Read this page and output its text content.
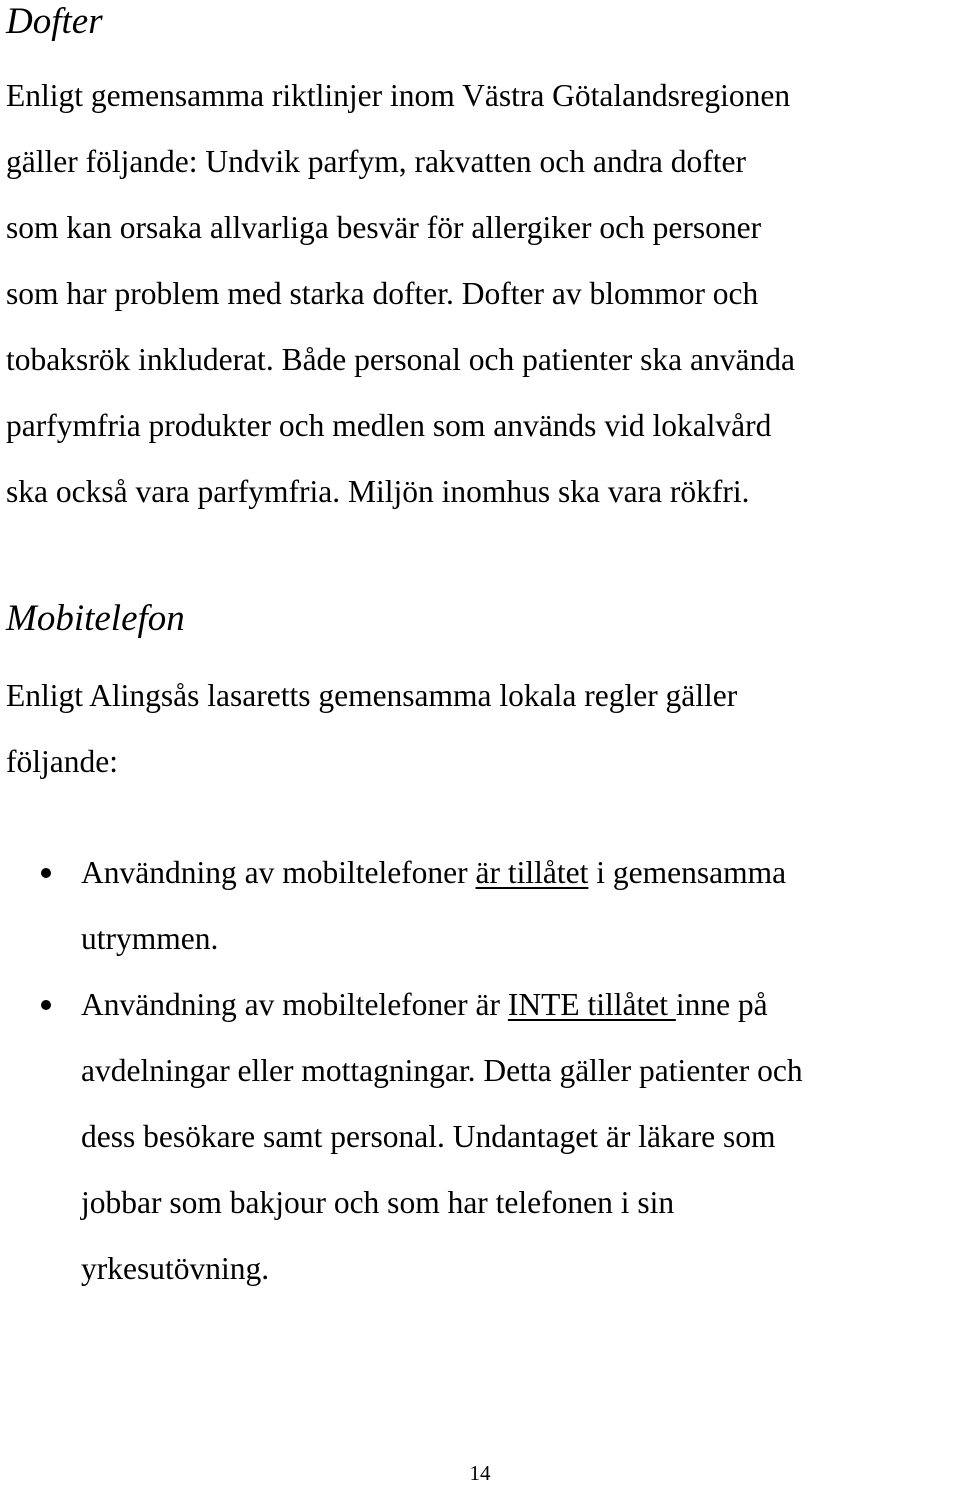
Dofter

Enligt gemensamma riktlinjer inom Västra Götalandsregionen
gäller följande: Undvik parfym, rakvatten och andra dofter
som kan orsaka allvarliga besvär för allergiker och personer
som har problem med starka dofter. Dofter av blommor och
tobaksrök inkluderat. Både personal och patienter ska använda
parfymfria produkter och medlen som används vid lokalvård
ska också vara parfymfria. Miljön inomhus ska vara rökfri.

Mobitelefon

Enligt Alingsås lasaretts gemensamma lokala regler gäller
följande:

Användning av mobiltelefoner är tillåtet i gemensamma
utrymmen.
Användning av mobiltelefoner är INTE tillåtet inne på
avdelningar eller mottagningar. Detta gäller patienter och
dess besökare samt personal. Undantaget är läkare som
jobbar som bakjour och som har telefonen i sin
yrkesutövning.
14
